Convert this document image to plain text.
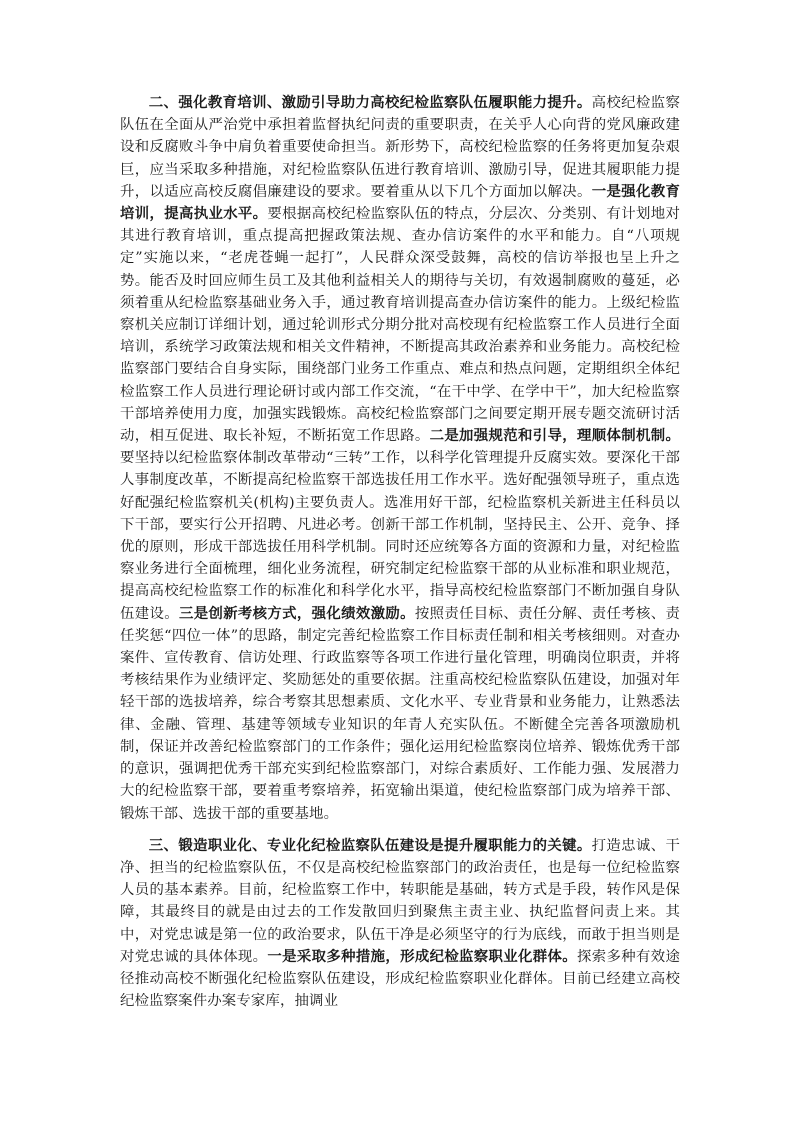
二、强化教育培训、激励引导助力高校纪检监察队伍履职能力提升。高校纪检监察队伍在全面从严治党中承担着监督执纪问责的重要职责，在关乎人心向背的党风廉政建设和反腐败斗争中肩负着重要使命担当。新形势下，高校纪检监察的任务将更加复杂艰巨，应当采取多种措施，对纪检监察队伍进行教育培训、激励引导，促进其履职能力提升，以适应高校反腐倡廉建设的要求。要着重从以下几个方面加以解决。一是强化教育培训，提高执业水平。要根据高校纪检监察队伍的特点，分层次、分类别、有计划地对其进行教育培训，重点提高把握政策法规、查办信访案件的水平和能力。自“八项规定”实施以来，“老虎苍蝇一起打”，人民群众深受鼓舞，高校的信访举报也呈上升之势。能否及时回应师生员工及其他利益相关人的期待与关切，有效遏制腐败的蔓延，必须着重从纪检监察基础业务入手，通过教育培训提高查办信访案件的能力。上级纪检监察机关应制订详细计划，通过轮训形式分期分批对高校现有纪检监察工作人员进行全面培训，系统学习政策法规和相关文件精神，不断提高其政治素养和业务能力。高校纪检监察部门要结合自身实际，围绕部门业务工作重点、难点和热点问题，定期组织全体纪检监察工作人员进行理论研讨或内部工作交流，“在干中学、在学中干”，加大纪检监察干部培养使用力度，加强实践锻炼。高校纪检监察部门之间要定期开展专题交流研讨活动，相互促进、取长补短，不断拓宽工作思路。二是加强规范和引导，理顺体制机制。要坚持以纪检监察体制改革带动“三转”工作，以科学化管理提升反腐实效。要深化干部人事制度改革，不断提高纪检监察干部选拔任用工作水平。选好配强领导班子，重点选好配强纪检监察机关(机构)主要负责人。选准用好干部，纪检监察机关新进主任科员以下干部，要实行公开招聘、凡进必考。创新干部工作机制，坚持民主、公开、竞争、择优的原则，形成干部选拔任用科学机制。同时还应统筹各方面的资源和力量，对纪检监察业务进行全面梳理，细化业务流程，研究制定纪检监察干部的从业标准和职业规范，提高高校纪检监察工作的标准化和科学化水平，指导高校纪检监察部门不断加强自身队伍建设。三是创新考核方式，强化绩效激励。按照责任目标、责任分解、责任考核、责任奖惩“四位一体”的思路，制定完善纪检监察工作目标责任制和相关考核细则。对查办案件、宣传教育、信访处理、行政监察等各项工作进行量化管理，明确岗位职责，并将考核结果作为业绩评定、奖励惩处的重要依据。注重高校纪检监察队伍建设，加强对年轻干部的选拔培养，综合考察其思想素质、文化水平、专业背景和业务能力，让熟悉法律、金融、管理、基建等领域专业知识的年青人充实队伍。不断健全完善各项激励机制，保证并改善纪检监察部门的工作条件；强化运用纪检监察岗位培养、锻炼优秀干部的意识，强调把优秀干部充实到纪检监察部门，对综合素质好、工作能力强、发展潜力大的纪检监察干部，要着重考察培养，拓宽输出渠道，使纪检监察部门成为培养干部、锻炼干部、选拔干部的重要基地。

三、锻造职业化、专业化纪检监察队伍建设是提升履职能力的关键。打造忠诚、干净、担当的纪检监察队伍，不仅是高校纪检监察部门的政治责任，也是每一位纪检监察人员的基本素养。目前，纪检监察工作中，转职能是基础，转方式是手段，转作风是保障，其最终目的就是由过去的工作发散回归到聚焦主责主业、执纪监督问责上来。其中，对党忠诚是第一位的政治要求，队伍干净是必须坚守的行为底线，而敢于担当则是对党忠诚的具体体现。一是采取多种措施，形成纪检监察职业化群体。探索多种有效途径推动高校不断强化纪检监察队伍建设，形成纪检监察职业化群体。目前已经建立高校纪检监察案件办案专家库，抽调业
